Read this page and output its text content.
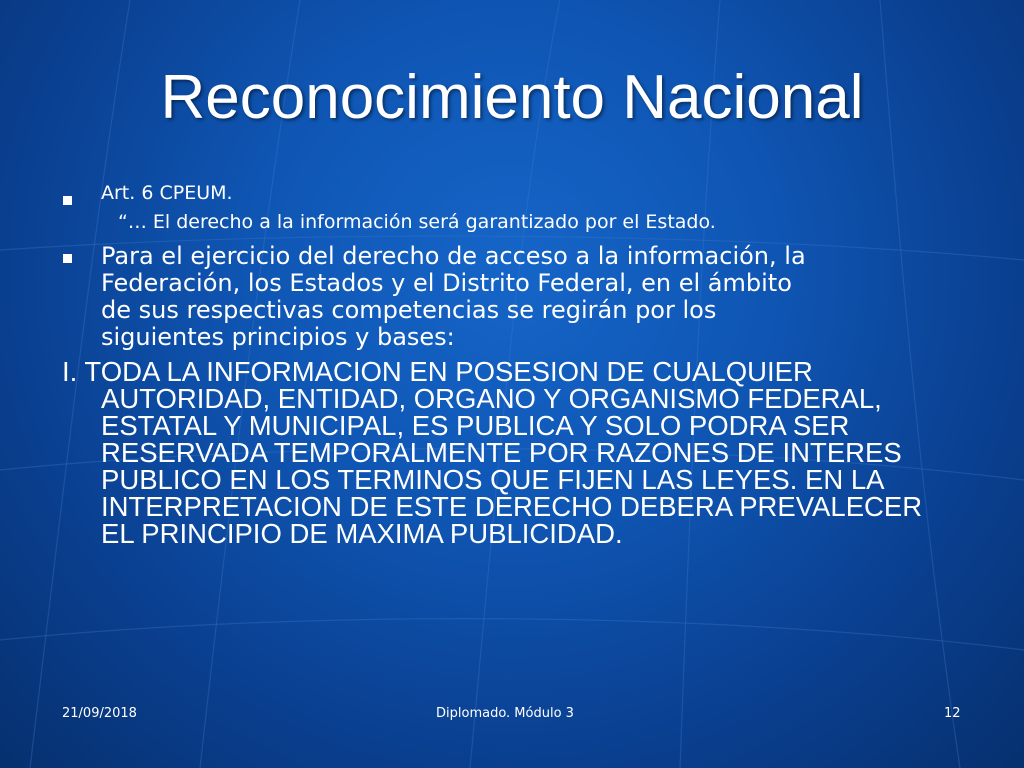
Reconocimiento Nacional
Art. 6 CPEUM.
“… El derecho a la información será garantizado por el Estado.
Para el ejercicio del derecho de acceso a la información, la
Federación, los Estados y el Distrito Federal, en el ámbito
de sus respectivas competencias se regirán por los
siguientes principios y bases:
I. TODA LA INFORMACION EN POSESION DE CUALQUIER
AUTORIDAD, ENTIDAD, ORGANO Y ORGANISMO FEDERAL,
ESTATAL Y MUNICIPAL, ES PUBLICA Y SOLO PODRA SER
RESERVADA TEMPORALMENTE POR RAZONES DE INTERES
PUBLICO EN LOS TERMINOS QUE FIJEN LAS LEYES. EN LA
INTERPRETACION DE ESTE DERECHO DEBERA PREVALECER
EL PRINCIPIO DE MAXIMA PUBLICIDAD.
21/09/2018	Diplomado. Módulo 3	12
